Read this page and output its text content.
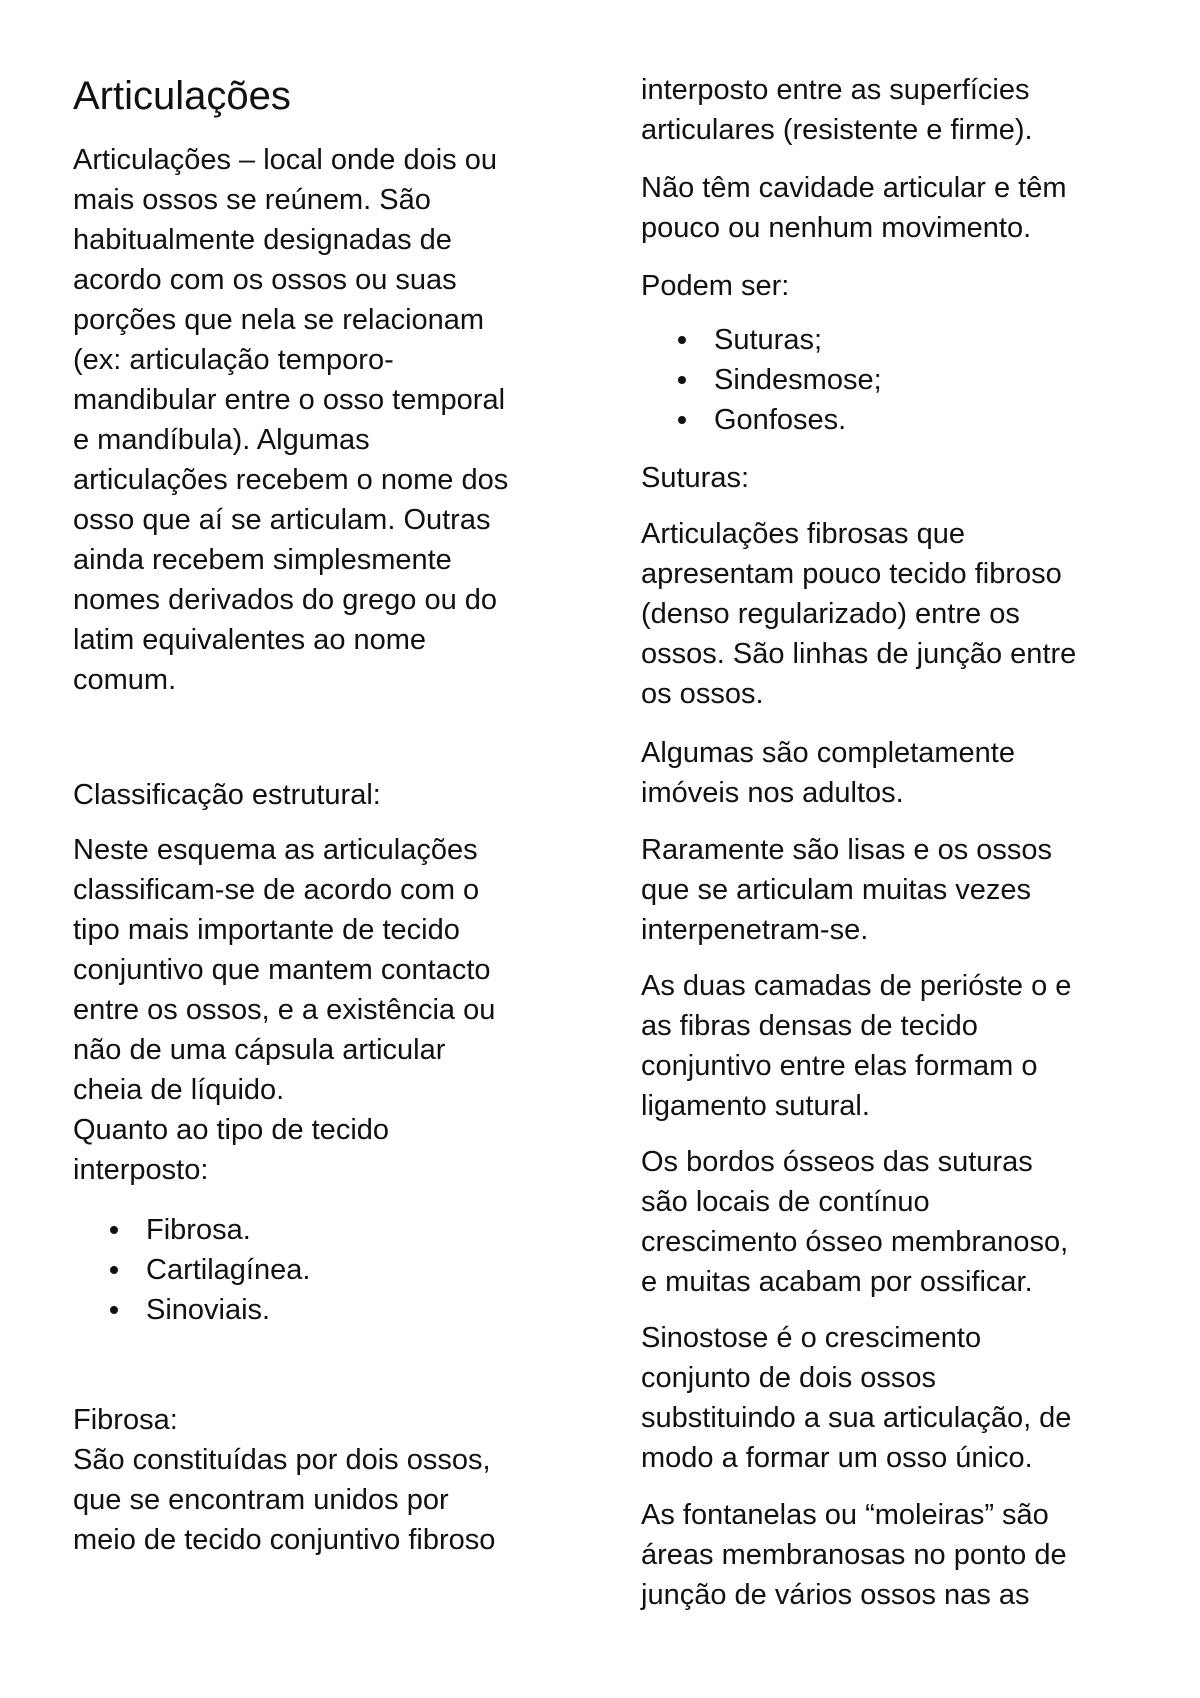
Articulações
Articulações – local onde dois ou
mais ossos se reúnem. São
habitualmente designadas de
acordo com os ossos ou suas
porções que nela se relacionam
(ex: articulação temporo-
mandibular entre o osso temporal
e mandíbula). Algumas
articulações recebem o nome dos
osso que aí se articulam. Outras
ainda recebem simplesmente
nomes derivados do grego ou do
latim equivalentes ao nome
comum.
Classificação estrutural:
Neste esquema as articulações
classificam-se de acordo com o
tipo mais importante de tecido
conjuntivo que mantem contacto
entre os ossos, e a existência ou
não de uma cápsula articular
cheia de líquido.
Quanto ao tipo de tecido
interposto:
Fibrosa.
Cartilagínea.
Sinoviais.
Fibrosa:
São constituídas por dois ossos,
que se encontram unidos por
meio de tecido conjuntivo fibroso
interposto entre as superfícies
articulares (resistente e firme).
Não têm cavidade articular e têm
pouco ou nenhum movimento.
Podem ser:
Suturas;
Sindesmose;
Gonfoses.
Suturas:
Articulações fibrosas que
apresentam pouco tecido fibroso
(denso regularizado) entre os
ossos. São linhas de junção entre
os ossos.
Algumas são completamente
imóveis nos adultos.
Raramente são lisas e os ossos
que se articulam muitas vezes
interpenetram-se.
As duas camadas de perióste o e
as fibras densas de tecido
conjuntivo entre elas formam o
ligamento sutural.
Os bordos ósseos das suturas
são locais de contínuo
crescimento ósseo membranoso,
e muitas acabam por ossificar.
Sinostose é o crescimento
conjunto de dois ossos
substituindo a sua articulação, de
modo a formar um osso único.
As fontanelas ou “moleiras” são
áreas membranosas no ponto de
junção de vários ossos nas as
